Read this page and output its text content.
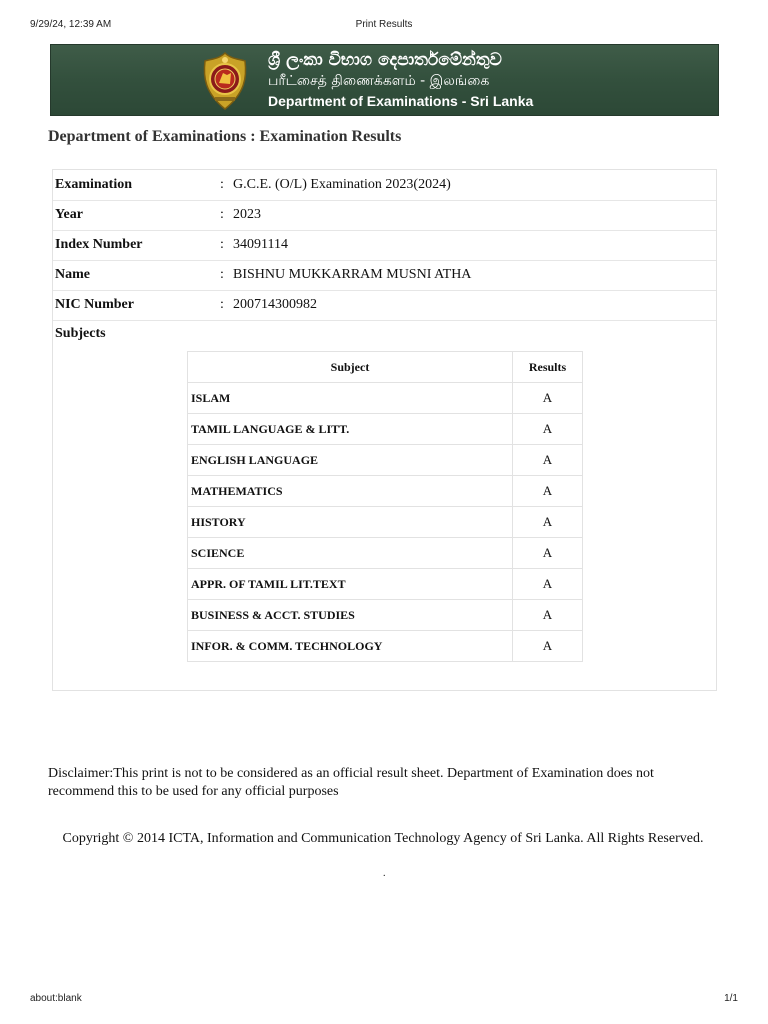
9/29/24, 12:39 AM	Print Results
ශ්‍රී ලංකා විභාග දෙපාර්තමේන්තුව
பரீட்சைத் திணைக்களம் - இலங்கை
Department of Examinations - Sri Lanka
Department of Examinations : Examination Results
Examination	: G.C.E. (O/L) Examination 2023(2024)
Year	: 2023
Index Number	: 34091114
Name	: BISHNU MUKKARRAM MUSNI ATHA
NIC Number	: 200714300982
Subjects
Subject	Results
ISLAM	A
TAMIL LANGUAGE & LITT.	A
ENGLISH LANGUAGE	A
MATHEMATICS	A
HISTORY	A
SCIENCE	A
APPR. OF TAMIL LIT.TEXT	A
BUSINESS & ACCT. STUDIES	A
INFOR. & COMM. TECHNOLOGY	A
Disclaimer:This print is not to be considered as an official result sheet. Department of Examination does not recommend this to be used for any official purposes
Copyright © 2014 ICTA, Information and Communication Technology Agency of Sri Lanka. All Rights Reserved.
.
about:blank	1/1
